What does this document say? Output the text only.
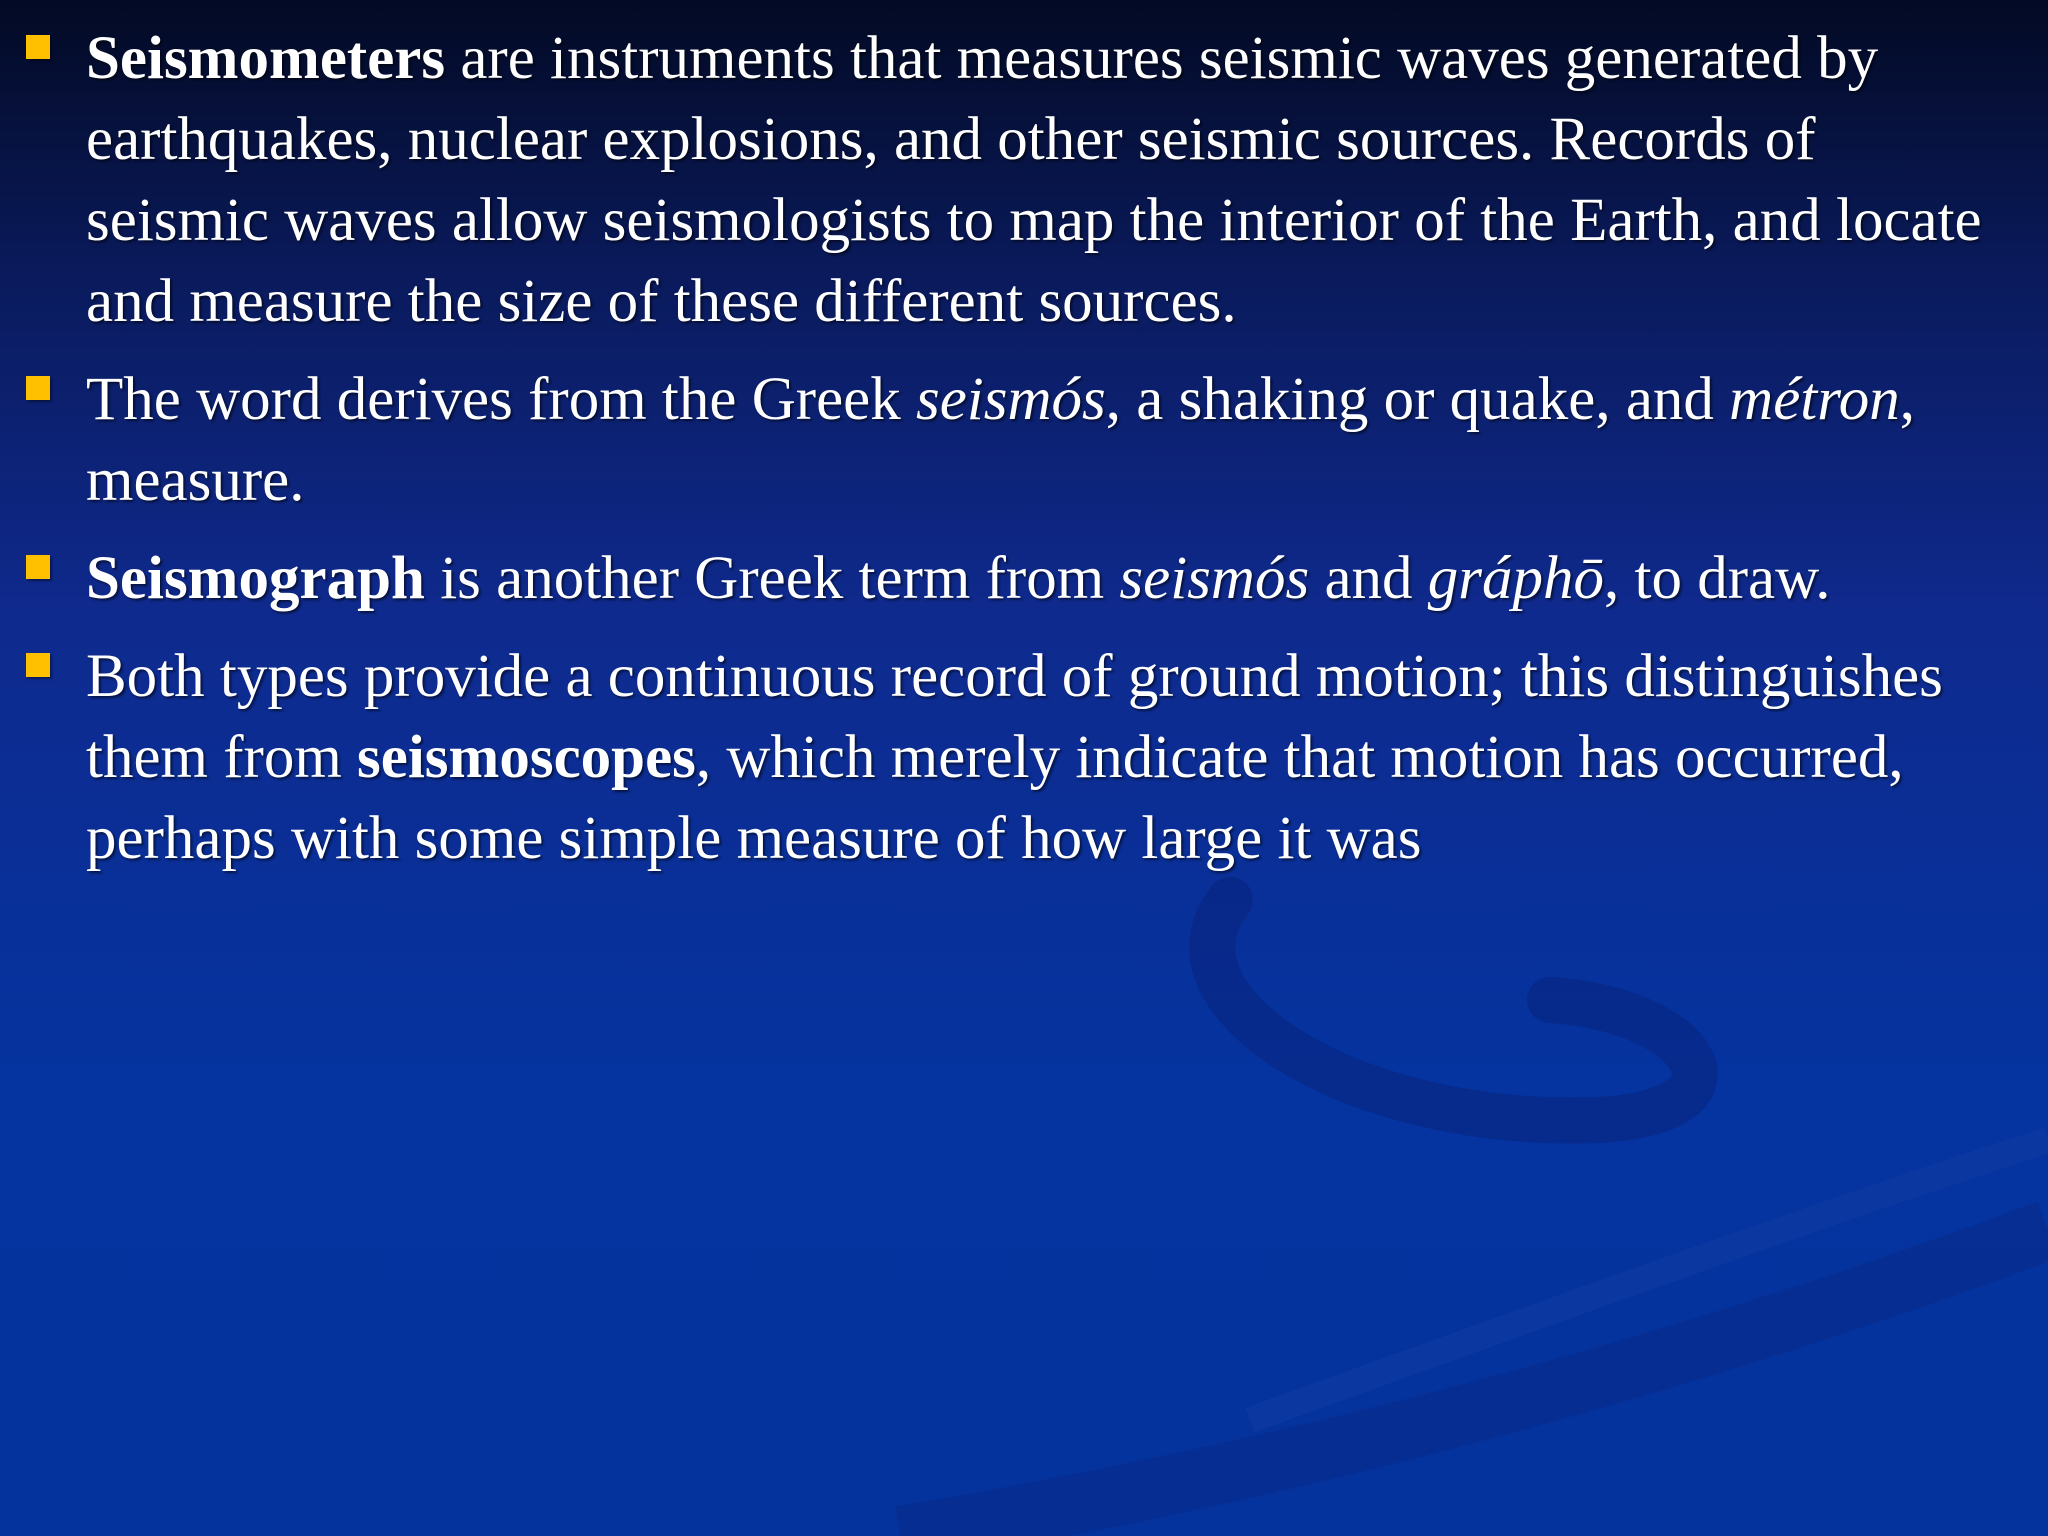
Seismometers are instruments that measures seismic waves generated by earthquakes, nuclear explosions, and other seismic sources. Records of seismic waves allow seismologists to map the interior of the Earth, and locate and measure the size of these different sources.
The word derives from the Greek seismós, a shaking or quake, and métron, measure.
Seismograph is another Greek term from seismós and gráphō, to draw.
Both types provide a continuous record of ground motion; this distinguishes them from seismoscopes, which merely indicate that motion has occurred, perhaps with some simple measure of how large it was
